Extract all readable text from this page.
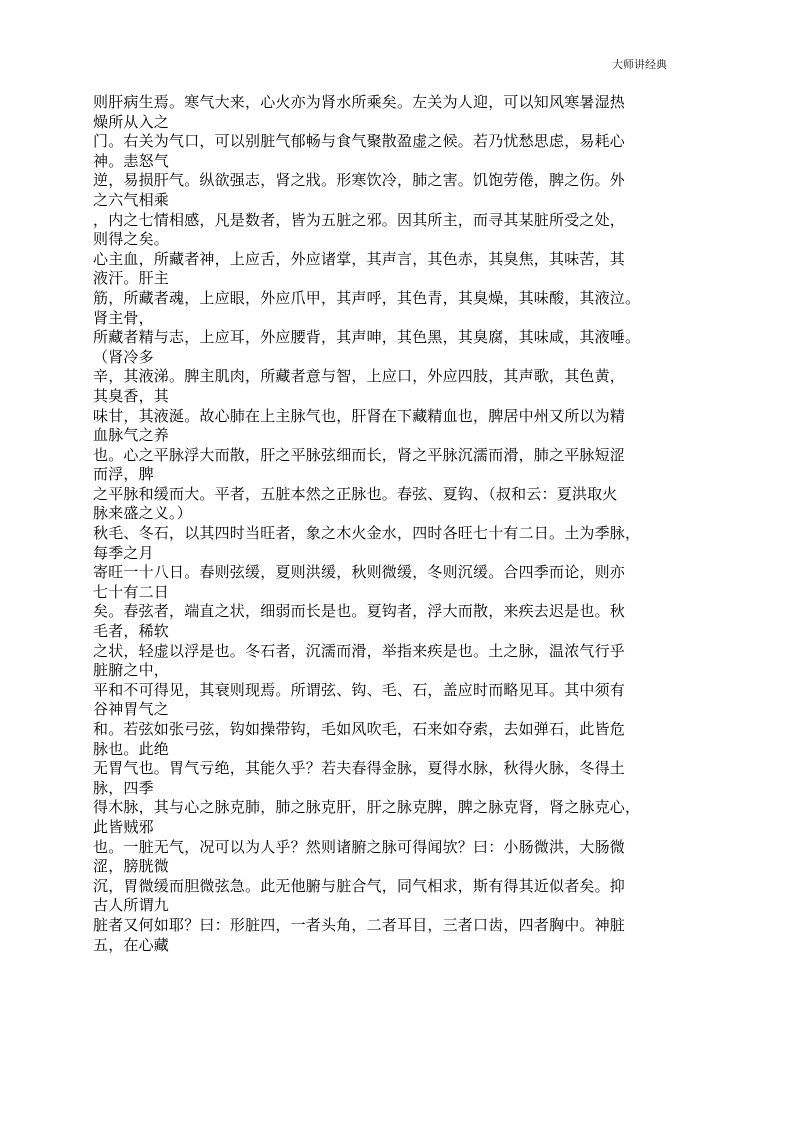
大师讲经典
则肝病生焉。寒气大来，心火亦为肾水所乘矣。左关为人迎，可以知风寒暑湿热
燥所从入之
门。右关为气口，可以别脏气郁畅与食气聚散盈虚之候。若乃忧愁思虑，易耗心
神。恚怒气
逆，易损肝气。纵欲强志，肾之戕。形寒饮冷，肺之害。饥饱劳倦，脾之伤。外
之六气相乘
，内之七情相感，凡是数者，皆为五脏之邪。因其所主，而寻其某脏所受之处，
则得之矣。
心主血，所藏者神，上应舌，外应诸掌，其声言，其色赤，其臭焦，其味苦，其
液汗。肝主
筋，所藏者魂，上应眼，外应爪甲，其声呼，其色青，其臭燥，其味酸，其液泣。
肾主骨，
所藏者精与志，上应耳，外应腰背，其声呻，其色黑，其臭腐，其味咸，其液唾。
（肾冷多
辛，其液涕。脾主肌肉，所藏者意与智，上应口，外应四肢，其声歌，其色黄，
其臭香，其
味甘，其液涎。故心肺在上主脉气也，肝肾在下藏精血也，脾居中州又所以为精
血脉气之养
也。心之平脉浮大而散，肝之平脉弦细而长，肾之平脉沉濡而滑，肺之平脉短涩
而浮，脾
之平脉和缓而大。平者，五脏本然之正脉也。春弦、夏钩、（叔和云：夏洪取火
脉来盛之义。）
秋毛、冬石，以其四时当旺者，象之木火金水，四时各旺七十有二日。土为季脉，
每季之月
寄旺一十八日。春则弦缓，夏则洪缓，秋则微缓，冬则沉缓。合四季而论，则亦
七十有二日
矣。春弦者，端直之状，细弱而长是也。夏钩者，浮大而散，来疾去迟是也。秋
毛者，稀软
之状，轻虚以浮是也。冬石者，沉濡而滑，举指来疾是也。土之脉，温浓气行乎
脏腑之中，
平和不可得见，其衰则现焉。所谓弦、钩、毛、石，盖应时而略见耳。其中须有
谷神胃气之
和。若弦如张弓弦，钩如操带钩，毛如风吹毛，石来如夺索，去如弹石，此皆危
脉也。此绝
无胃气也。胃气亏绝，其能久乎？若夫春得金脉，夏得水脉，秋得火脉，冬得土
脉，四季
得木脉，其与心之脉克肺，肺之脉克肝，肝之脉克脾，脾之脉克肾，肾之脉克心，
此皆贼邪
也。一脏无气，况可以为人乎？然则诸腑之脉可得闻欤？曰：小肠微洪，大肠微
涩，膀胱微
沉，胃微缓而胆微弦急。此无他腑与脏合气，同气相求，斯有得其近似者矣。抑
古人所谓九
脏者又何如耶？曰：形脏四，一者头角，二者耳目，三者口齿，四者胸中。神脏
五，在心藏
